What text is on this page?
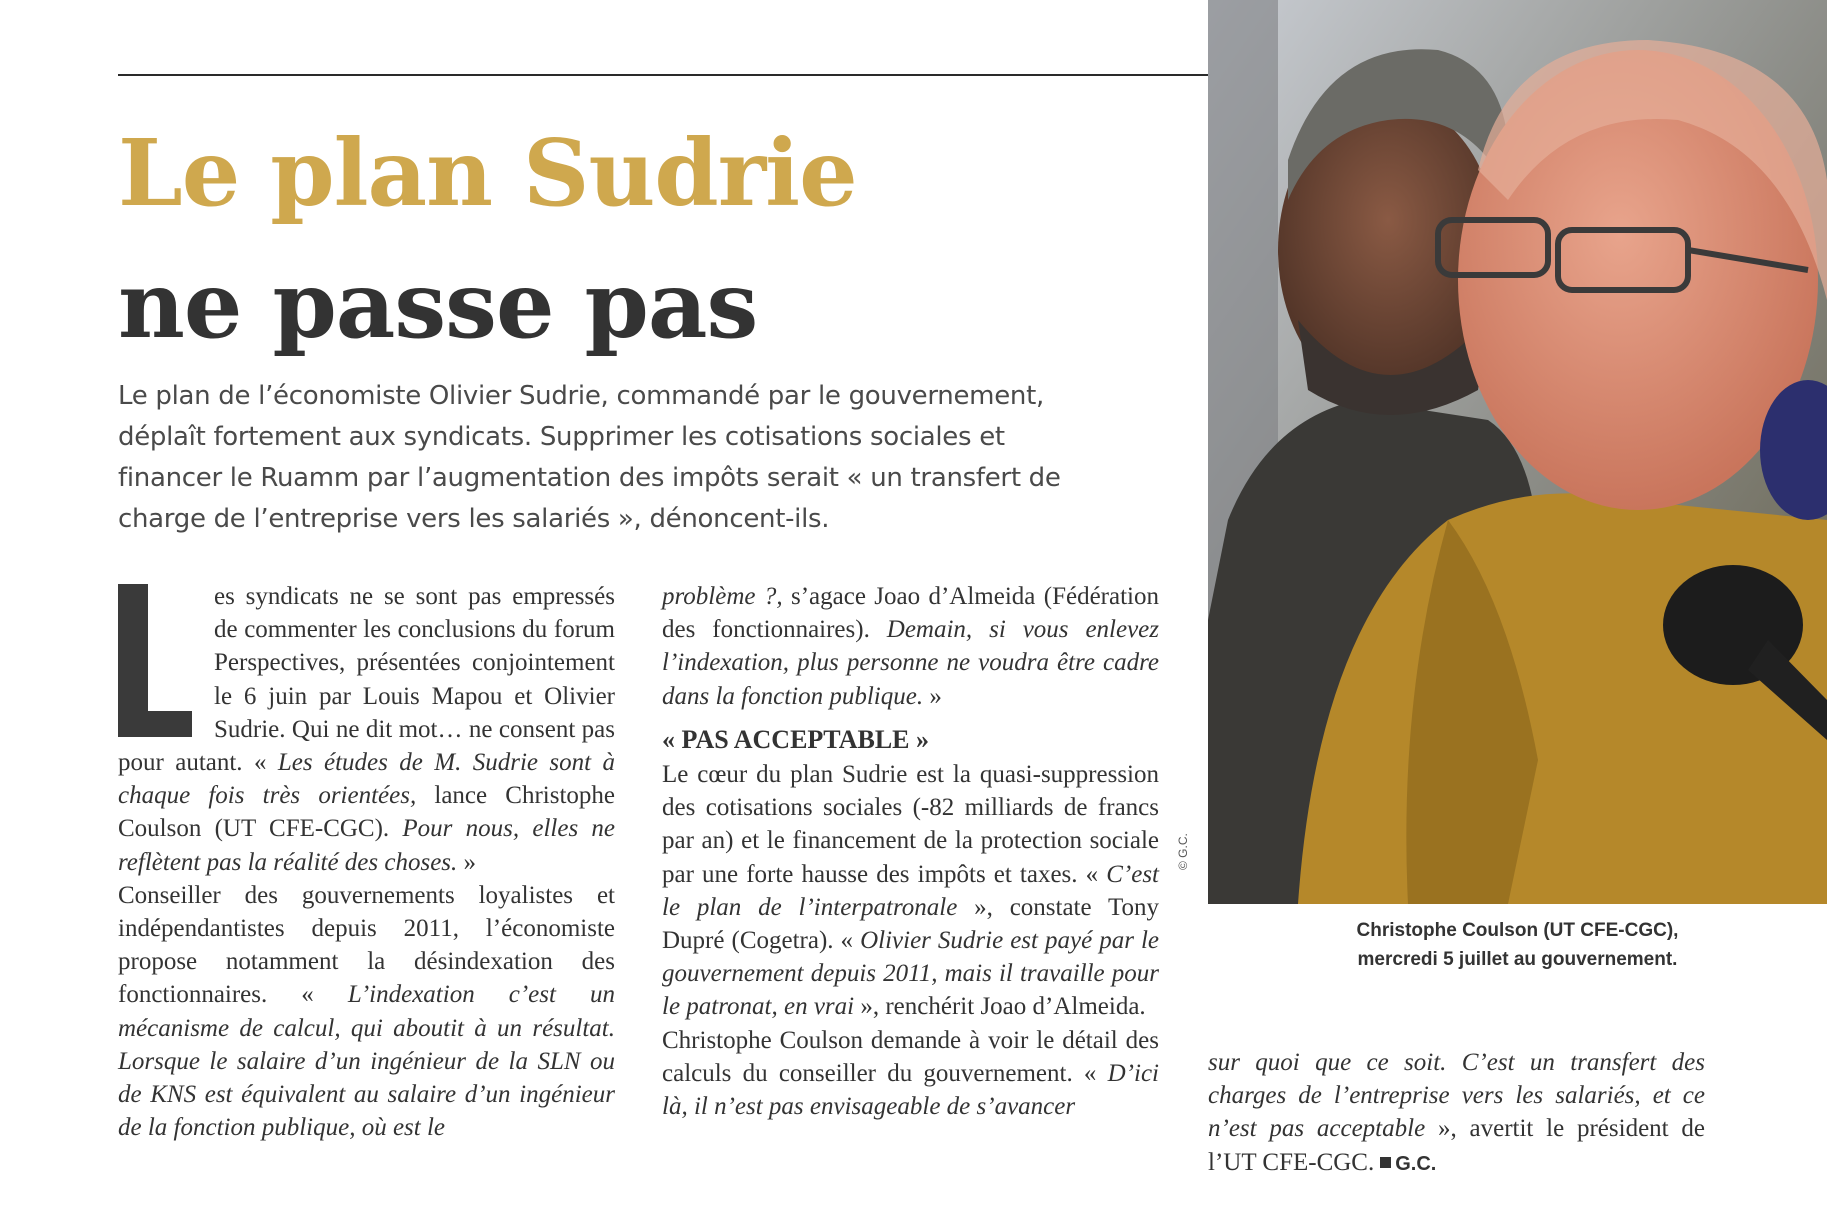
Le plan Sudrie
ne passe pas

Le plan de l’économiste Olivier Sudrie, commandé par le gouvernement, déplaît fortement aux syndicats. Supprimer les cotisations sociales et financer le Ruamm par l’augmentation des impôts serait « un transfert de charge de l’entreprise vers les salariés », dénoncent-ils.

es syndicats ne se sont pas empressés de commenter les conclusions du forum Perspectives, présentées conjointement le 6 juin par Louis Mapou et Olivier Sudrie. Qui ne dit mot… ne consent pas pour autant. « Les études de M. Sudrie sont à chaque fois très orientées, lance Christophe Coulson (UT CFE-CGC). Pour nous, elles ne reflètent pas la réalité des choses. »

Conseiller des gouvernements loyalistes et indépendantistes depuis 2011, l’économiste propose notamment la désindexation des fonctionnaires. « L’indexation c’est un mécanisme de calcul, qui aboutit à un résultat. Lorsque le salaire d’un ingénieur de la SLN ou de KNS est équivalent au salaire d’un ingénieur de la fonction publique, où est le

problème ?, s’agace Joao d’Almeida (Fédération des fonctionnaires). Demain, si vous enlevez l’indexation, plus personne ne voudra être cadre dans la fonction publique. »

« PAS ACCEPTABLE »

Le cœur du plan Sudrie est la quasi-suppression des cotisations sociales (-82 milliards de francs par an) et le financement de la protection sociale par une forte hausse des impôts et taxes. « C’est le plan de l’interpatronale », constate Tony Dupré (Cogetra). « Olivier Sudrie est payé par le gouvernement depuis 2011, mais il travaille pour le patronat, en vrai », renchérit Joao d’Almeida.

Christophe Coulson demande à voir le détail des calculs du conseiller du gouvernement. « D’ici là, il n’est pas envisageable de s’avancer

sur quoi que ce soit. C’est un transfert des charges de l’entreprise vers les salariés, et ce n’est pas acceptable », avertit le président de l’UT CFE-CGC. G.C.

© G.C.

Christophe Coulson (UT CFE-CGC),
mercredi 5 juillet au gouvernement.
